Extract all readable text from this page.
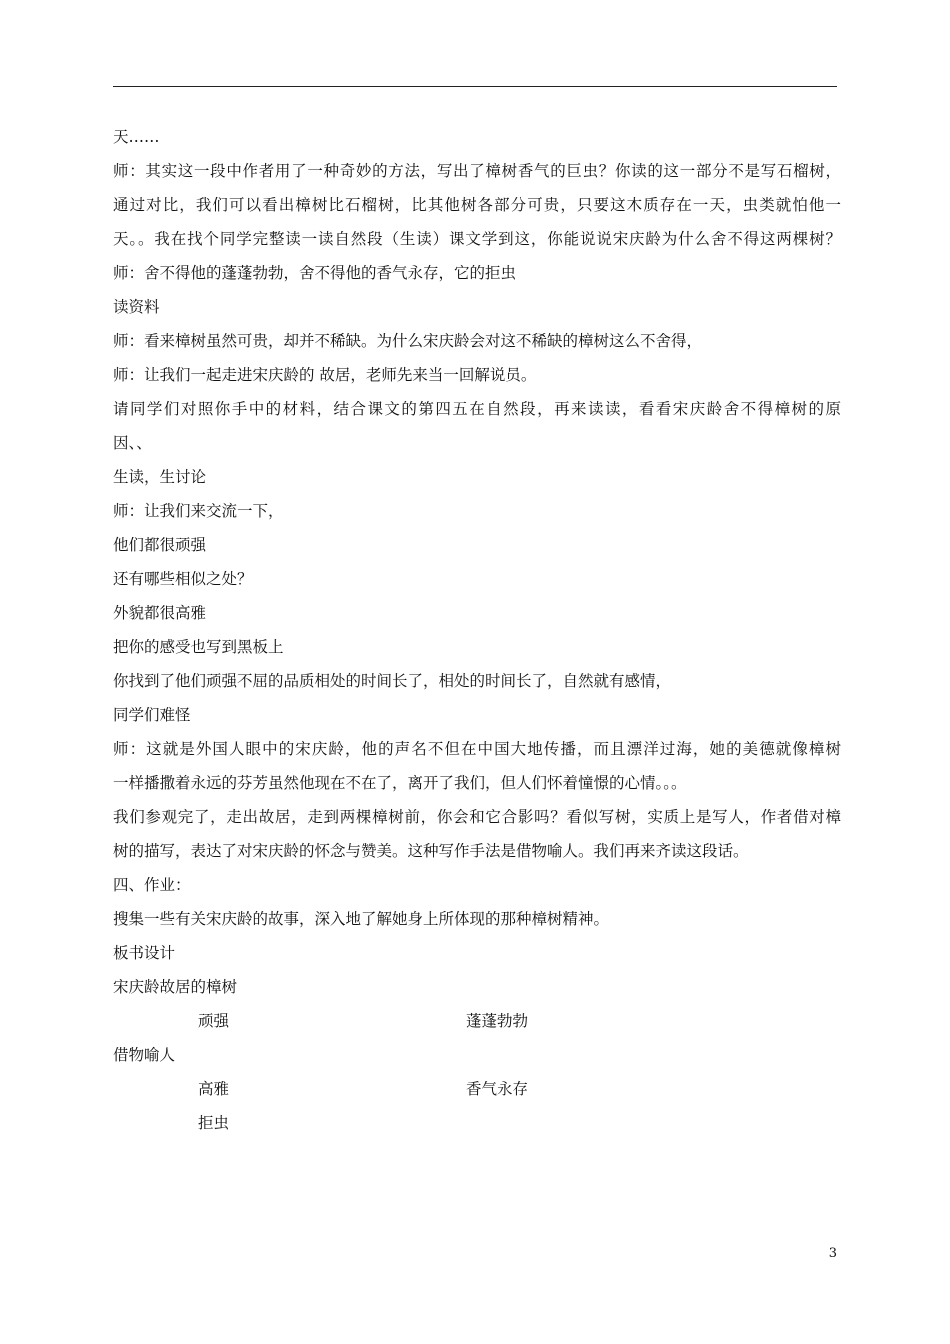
天……
师：其实这一段中作者用了一种奇妙的方法，写出了樟树香气的巨虫？你读的这一部分不是写石榴树，
通过对比，我们可以看出樟树比石榴树，比其他树各部分可贵，只要这木质存在一天，虫类就怕他一
天。。我在找个同学完整读一读自然段（生读）课文学到这，你能说说宋庆龄为什么舍不得这两棵树？
师：舍不得他的蓬蓬勃勃，舍不得他的香气永存，它的拒虫
读资料
师：看来樟树虽然可贵，却并不稀缺。为什么宋庆龄会对这不稀缺的樟树这么不舍得，
师：让我们一起走进宋庆龄的 故居，老师先来当一回解说员。
请同学们对照你手中的材料，结合课文的第四五在自然段，再来读读，看看宋庆龄舍不得樟树的原
因、、
生读，生讨论
师：让我们来交流一下，
他们都很顽强
还有哪些相似之处？
外貌都很高雅
把你的感受也写到黑板上
你找到了他们顽强不屈的品质相处的时间长了，相处的时间长了，自然就有感情，
同学们难怪
师：这就是外国人眼中的宋庆龄，他的声名不但在中国大地传播，而且漂洋过海，她的美德就像樟树
一样播撒着永远的芬芳虽然他现在不在了，离开了我们，但人们怀着憧憬的心情。。。
我们参观完了，走出故居，走到两棵樟树前，你会和它合影吗？看似写树，实质上是写人，作者借对樟
树的描写，表达了对宋庆龄的怀念与赞美。这种写作手法是借物喻人。我们再来齐读这段话。
四、作业：
搜集一些有关宋庆龄的故事，深入地了解她身上所体现的那种樟树精神。
板书设计
宋庆龄故居的樟树
顽强	蓬蓬勃勃
借物喻人
高雅	香气永存
拒虫
3
